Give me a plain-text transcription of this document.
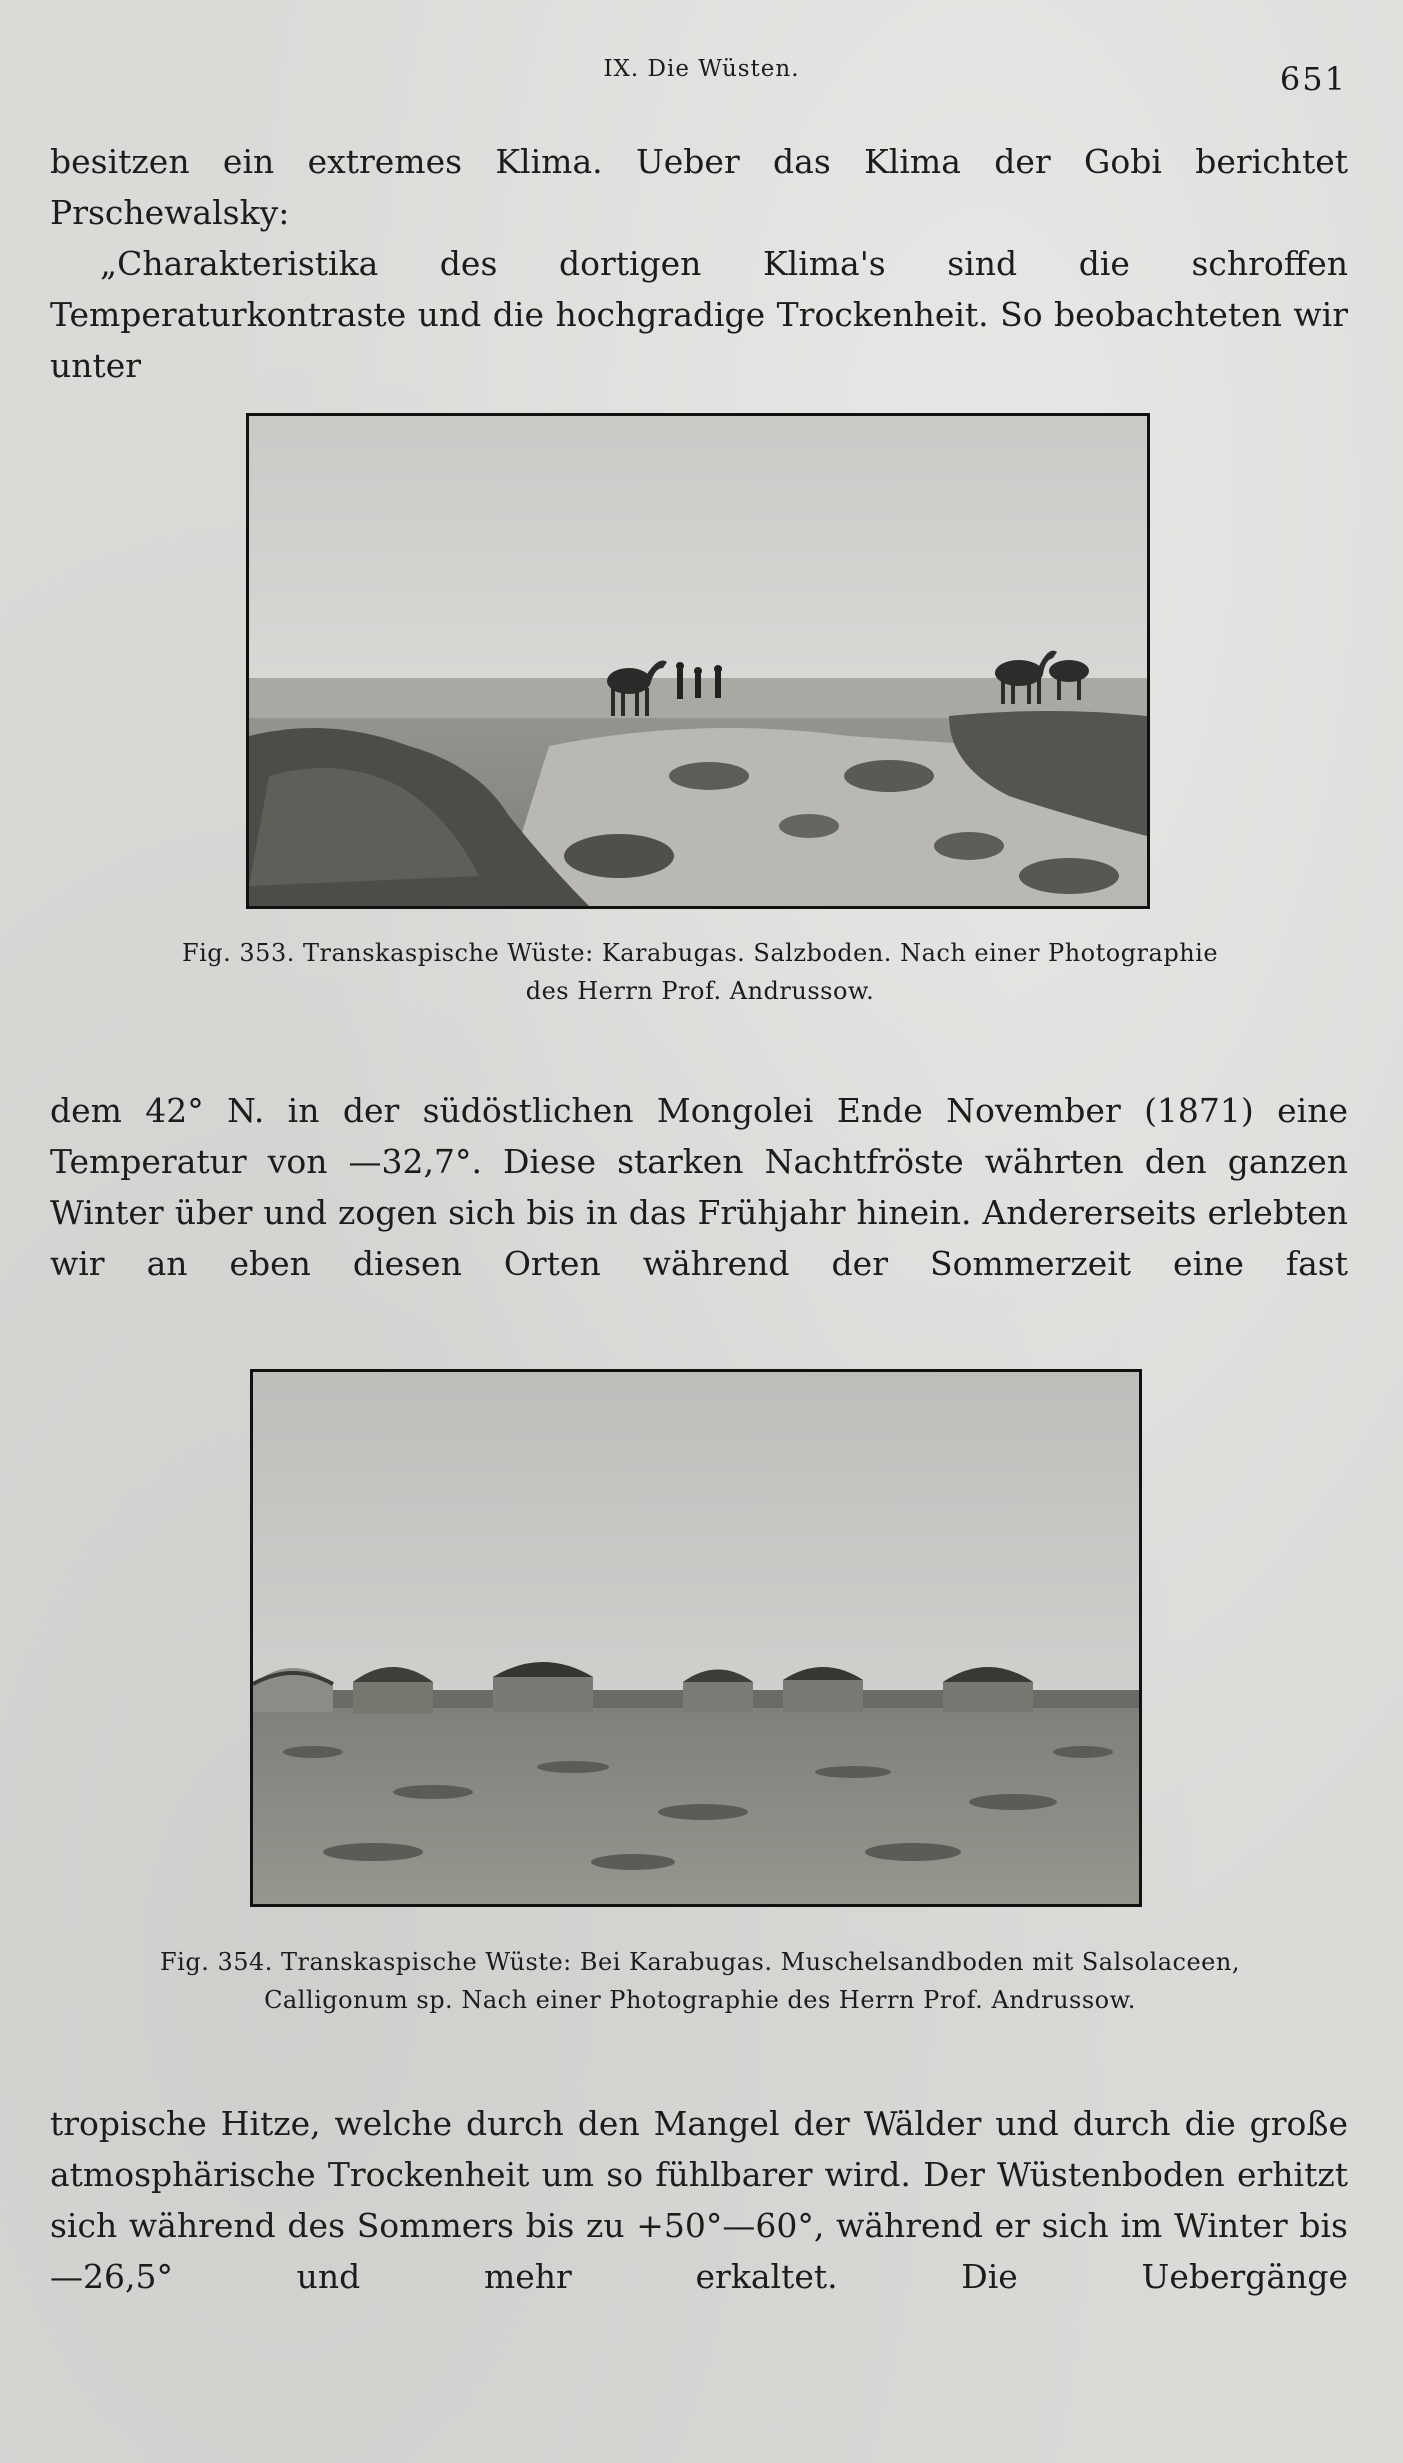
IX. Die Wüsten.	651

besitzen ein extremes Klima. Ueber das Klima der Gobi berichtet

Prschewalsky:

„Charakteristika des dortigen Klima's sind die schroffen Temperaturkontraste und die hochgradige Trockenheit. So beobachteten wir unter

Fig. 353. Transkaspische Wüste: Karabugas. Salzboden. Nach einer Photographie

des Herrn Prof. Andrussow.

dem 42° N. in der südöstlichen Mongolei Ende November (1871) eine Temperatur von —32,7°. Diese starken Nachtfröste währten den ganzen Winter über und zogen sich bis in das Frühjahr hinein. Andererseits erlebten wir an eben diesen Orten während der Sommerzeit eine fast

Fig. 354. Transkaspische Wüste: Bei Karabugas. Muschelsandboden mit Salsolaceen,

Calligonum sp. Nach einer Photographie des Herrn Prof. Andrussow.

tropische Hitze, welche durch den Mangel der Wälder und durch die große atmosphärische Trockenheit um so fühlbarer wird. Der Wüstenboden erhitzt sich während des Sommers bis zu +50°—60°, während er sich im Winter bis —26,5° und mehr erkaltet. Die Uebergänge
